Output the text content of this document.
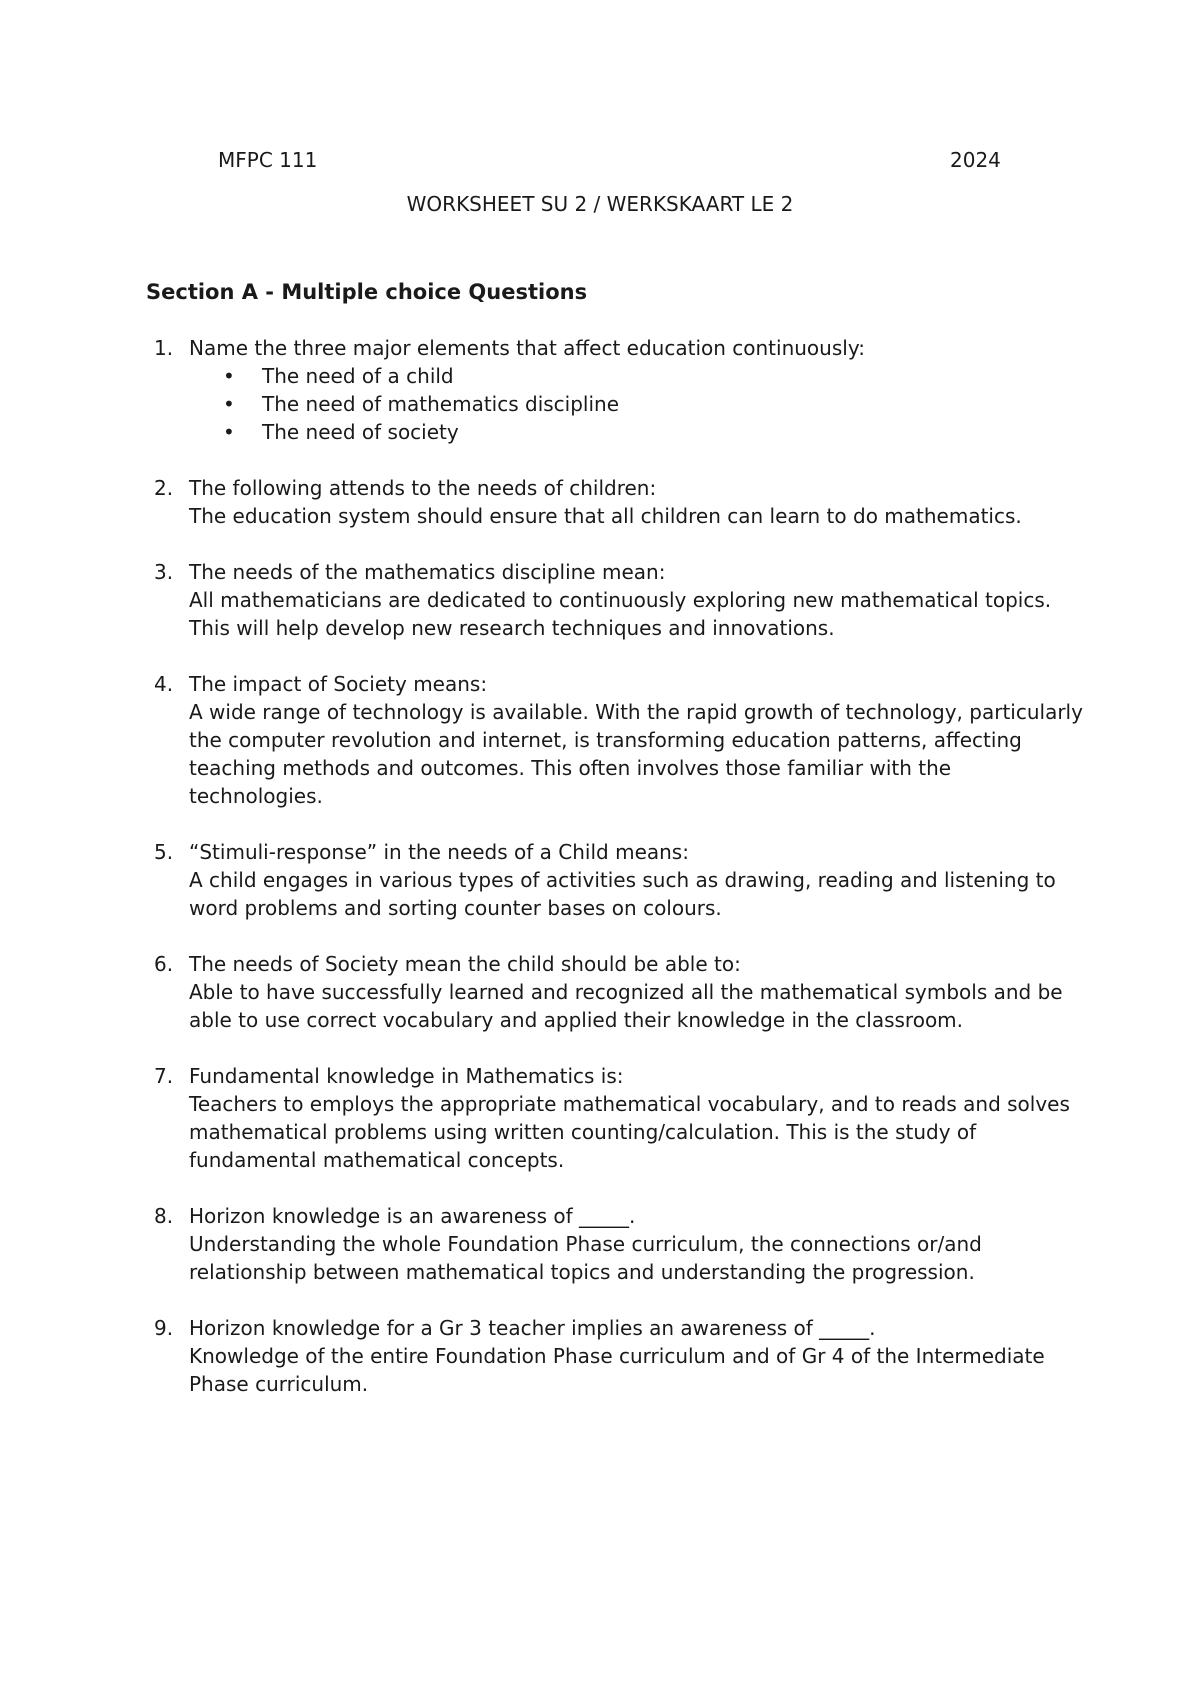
MFPC 111	2024
WORKSHEET SU 2 / WERKSKAART LE 2
Section A - Multiple choice Questions
1. Name the three major elements that affect education continuously:
• The need of a child
• The need of mathematics discipline
• The need of society
2. The following attends to the needs of children:
The education system should ensure that all children can learn to do mathematics.
3. The needs of the mathematics discipline mean:
All mathematicians are dedicated to continuously exploring new mathematical topics. This will help develop new research techniques and innovations.
4. The impact of Society means:
A wide range of technology is available. With the rapid growth of technology, particularly the computer revolution and internet, is transforming education patterns, affecting teaching methods and outcomes. This often involves those familiar with the technologies.
5. “Stimuli-response” in the needs of a Child means:
A child engages in various types of activities such as drawing, reading and listening to word problems and sorting counter bases on colours.
6. The needs of Society mean the child should be able to:
Able to have successfully learned and recognized all the mathematical symbols and be able to use correct vocabulary and applied their knowledge in the classroom.
7. Fundamental knowledge in Mathematics is:
Teachers to employs the appropriate mathematical vocabulary, and to reads and solves mathematical problems using written counting/calculation. This is the study of fundamental mathematical concepts.
8. Horizon knowledge is an awareness of _____.
Understanding the whole Foundation Phase curriculum, the connections or/and relationship between mathematical topics and understanding the progression.
9. Horizon knowledge for a Gr 3 teacher implies an awareness of _____.
Knowledge of the entire Foundation Phase curriculum and of Gr 4 of the Intermediate Phase curriculum.
